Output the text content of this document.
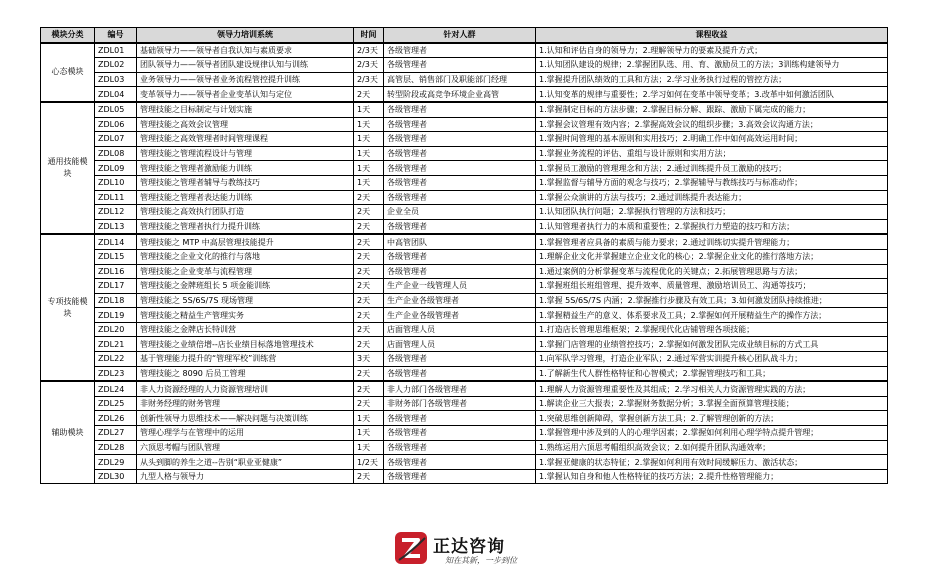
模块分类	编号	领导力培训系统	时间	针对人群	课程收益
心态模块	ZDL01	基础领导力——领导者自我认知与素质要求	2/3天	各级管理者	1.认知和评估自身的领导力；2.理解领导力的要素及提升方式；
	ZDL02	团队领导力——领导者团队建设规律认知与训练	2/3天	各级管理者	1.认知团队建设的规律；2.掌握团队选、用、育、激励员工的方法；3训练构建领导力
	ZDL03	业务领导力——领导者业务流程管控提升训练	2/3天	高管层、销售部门及职能部门经理	1.掌握提升团队绩效的工具和方法；2.学习业务执行过程的管控方法；
	ZDL04	变革领导力——领导者企业变革认知与定位	2天	转型阶段或高竞争环境企业高管	1.认知变革的规律与重要性；2.学习如何在变革中领导变革；3.改革中如何激活团队
通用技能模块	ZDL05	管理技能之目标制定与计划实施	1天	各级管理者	1.掌握制定目标的方法步骤；2.掌握目标分解、跟踪、激励下属完成的能力；
	ZDL06	管理技能之高效会议管理	1天	各级管理者	1.掌握会议管理有效内容；2.掌握高效会议的组织步骤；3.高效会议沟通方法；
	ZDL07	管理技能之高效管理者时间管理课程	1天	各级管理者	1.掌握时间管理的基本原则和实用技巧；2.明确工作中如何高效运用时间；
	ZDL08	管理技能之管理流程设计与管理	1天	各级管理者	1.掌握业务流程的评估、重组与设计原则和实用方法；
	ZDL09	管理技能之管理者激励能力训练	1天	各级管理者	1.掌握员工激励的管理理念和方法；2.通过训练提升员工激励的技巧；
	ZDL10	管理技能之管理者辅导与教练技巧	1天	各级管理者	1.掌握监督与辅导方面的观念与技巧；2.掌握辅导与教练技巧与标准动作；
	ZDL11	管理技能之管理者表达能力训练	2天	各级管理者	1.掌握公众演讲的方法与技巧；2.通过训练提升表达能力；
	ZDL12	管理技能之高效执行团队打造	2天	企业全员	1.认知团队执行问题；2.掌握执行管理的方法和技巧；
	ZDL13	管理技能之管理者执行力提升训练	2天	各级管理者	1.认知管理者执行力的本质和重要性；2.掌握执行力塑造的技巧和方法；
专项技能模块	ZDL14	管理技能之 MTP 中高层管理技能提升	2天	中高管团队	1.掌握管理者应具备的素质与能力要求；2.通过训练切实提升管理能力；
	ZDL15	管理技能之企业文化的推行与落地	2天	各级管理者	1.理解企业文化并掌握建立企业文化的核心；2.掌握企业文化的推行落地方法；
	ZDL16	管理技能之企业变革与流程管理	2天	各级管理者	1.通过案例的分析掌握变革与流程优化的关键点；2.拓展管理思路与方法；
	ZDL17	管理技能之金牌班组长 5 项金能训练	2天	生产企业一线管理人员	1.掌握班组长班组管理、提升效率、质量管理、激励培训员工、沟通等技巧；
	ZDL18	管理技能之 5S/6S/7S 现场管理	2天	生产企业各级管理者	1.掌握 5S/6S/7S 内涵；2.掌握推行步骤及有效工具；3.如何激发团队持续推进；
	ZDL19	管理技能之精益生产管理实务	2天	生产企业各级管理者	1.掌握精益生产的意义、体系要求及工具；2.掌握如何开展精益生产的操作方法；
	ZDL20	管理技能之金牌店长特训营	2天	店面管理人员	1.打造店长管理思维框架；2.掌握现代化店铺管理各项技能；
	ZDL21	管理技能之业绩倍增--店长业绩目标落地管理技术	2天	店面管理人员	1.掌握门店管理的业绩管控技巧；2.掌握如何激发团队完成业绩目标的方式工具
	ZDL22	基于管理能力提升的“管理军校”训练营	3天	各级管理者	1.向军队学习管理，打造企业军队；2.通过军营实训提升核心团队战斗力；
	ZDL23	管理技能之 8090 后员工管理	2天	各级管理者	1.了解新生代人群性格特征和心智模式；2.掌握管理技巧和工具；
辅助模块	ZDL24	非人力资源经理的人力资源管理培训	2天	非人力部门各级管理者	1.理解人力资源管理重要性及其组成；2.学习相关人力资源管理实践的方法；
	ZDL25	非财务经理的财务管理	2天	非财务部门各级管理者	1.解读企业三大报表；2.掌握财务数据分析；3.掌握全面预算管理技能；
	ZDL26	创新性领导力思维技术——解决问题与决策训练	1天	各级管理者	1.突破思维创新障碍，掌握创新方法工具；2.了解管理创新的方法；
	ZDL27	管理心理学与在管理中的运用	1天	各级管理者	1.掌握管理中涉及到的人的心理学因素；2.掌握如何利用心理学特点提升管理；
	ZDL28	六顶思考帽与团队管理	1天	各级管理者	1.熟练运用六顶思考帽组织高效会议；2.如何提升团队沟通效率；
	ZDL29	从头到脚的养生之道--告别“职业亚健康”	1/2天	各级管理者	1.掌握亚健康的状态特征；2.掌握如何利用有效时间缓解压力、激活状态；
	ZDL30	九型人格与领导力	2天	各级管理者	1.掌握认知自身和他人性格特征的技巧方法；2.提升性格管理能力；
正达咨询
知在其新，一步到位
